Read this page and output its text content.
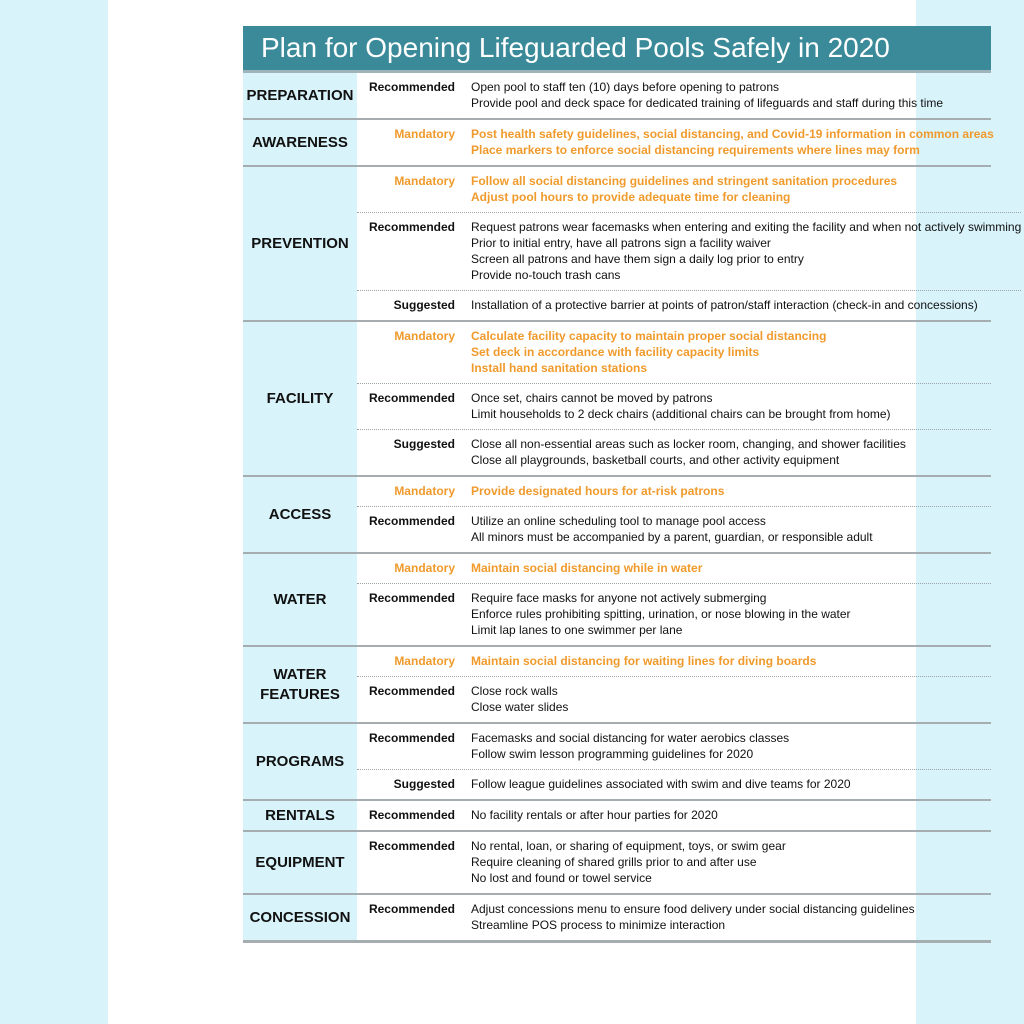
Plan for Opening Lifeguarded Pools Safely in 2020
PREPARATION	Recommended Open pool to staff ten (10) days before opening to patrons
Provide pool and deck space for dedicated training of lifeguards and staff during this time
AWARENESS	Mandatory Post health safety guidelines, social distancing, and Covid-19 information in common areas
Place markers to enforce social distancing requirements where lines may form
PREVENTION
Mandatory Follow all social distancing guidelines and stringent sanitation procedures
Adjust pool hours to provide adequate time for cleaning
Recommended Request patrons wear facemasks when entering and exiting the facility and when not actively swimming
Prior to initial entry, have all patrons sign a facility waiver
Screen all patrons and have them sign a daily log prior to entry
Provide no-touch trash cans
Suggested Installation of a protective barrier at points of patron/staff interaction (check-in and concessions)
FACILITY
Mandatory Calculate facility capacity to maintain proper social distancing
Set deck in accordance with facility capacity limits
Install hand sanitation stations
Recommended Once set, chairs cannot be moved by patrons
Limit households to 2 deck chairs (additional chairs can be brought from home)
Suggested Close all non-essential areas such as locker room, changing, and shower facilities
Close all playgrounds, basketball courts, and other activity equipment
ACCESS
Mandatory Provide designated hours for at-risk patrons
Recommended Utilize an online scheduling tool to manage pool access
All minors must be accompanied by a parent, guardian, or responsible adult
WATER
Mandatory Maintain social distancing while in water
Recommended Require face masks for anyone not actively submerging
Enforce rules prohibiting spitting, urination, or nose blowing in the water
Limit lap lanes to one swimmer per lane
WATER
FEATURES
Mandatory Maintain social distancing for waiting lines for diving boards
Recommended Close rock walls
Close water slides
PROGRAMS
Recommended Facemasks and social distancing for water aerobics classes
Follow swim lesson programming guidelines for 2020
Suggested Follow league guidelines associated with swim and dive teams for 2020
RENTALS	Recommended No facility rentals or after hour parties for 2020
EQUIPMENT
Recommended No rental, loan, or sharing of equipment, toys, or swim gear
Require cleaning of shared grills prior to and after use
No lost and found or towel service
CONCESSION	Recommended Adjust concessions menu to ensure food delivery under social distancing guidelines
Streamline POS process to minimize interaction
